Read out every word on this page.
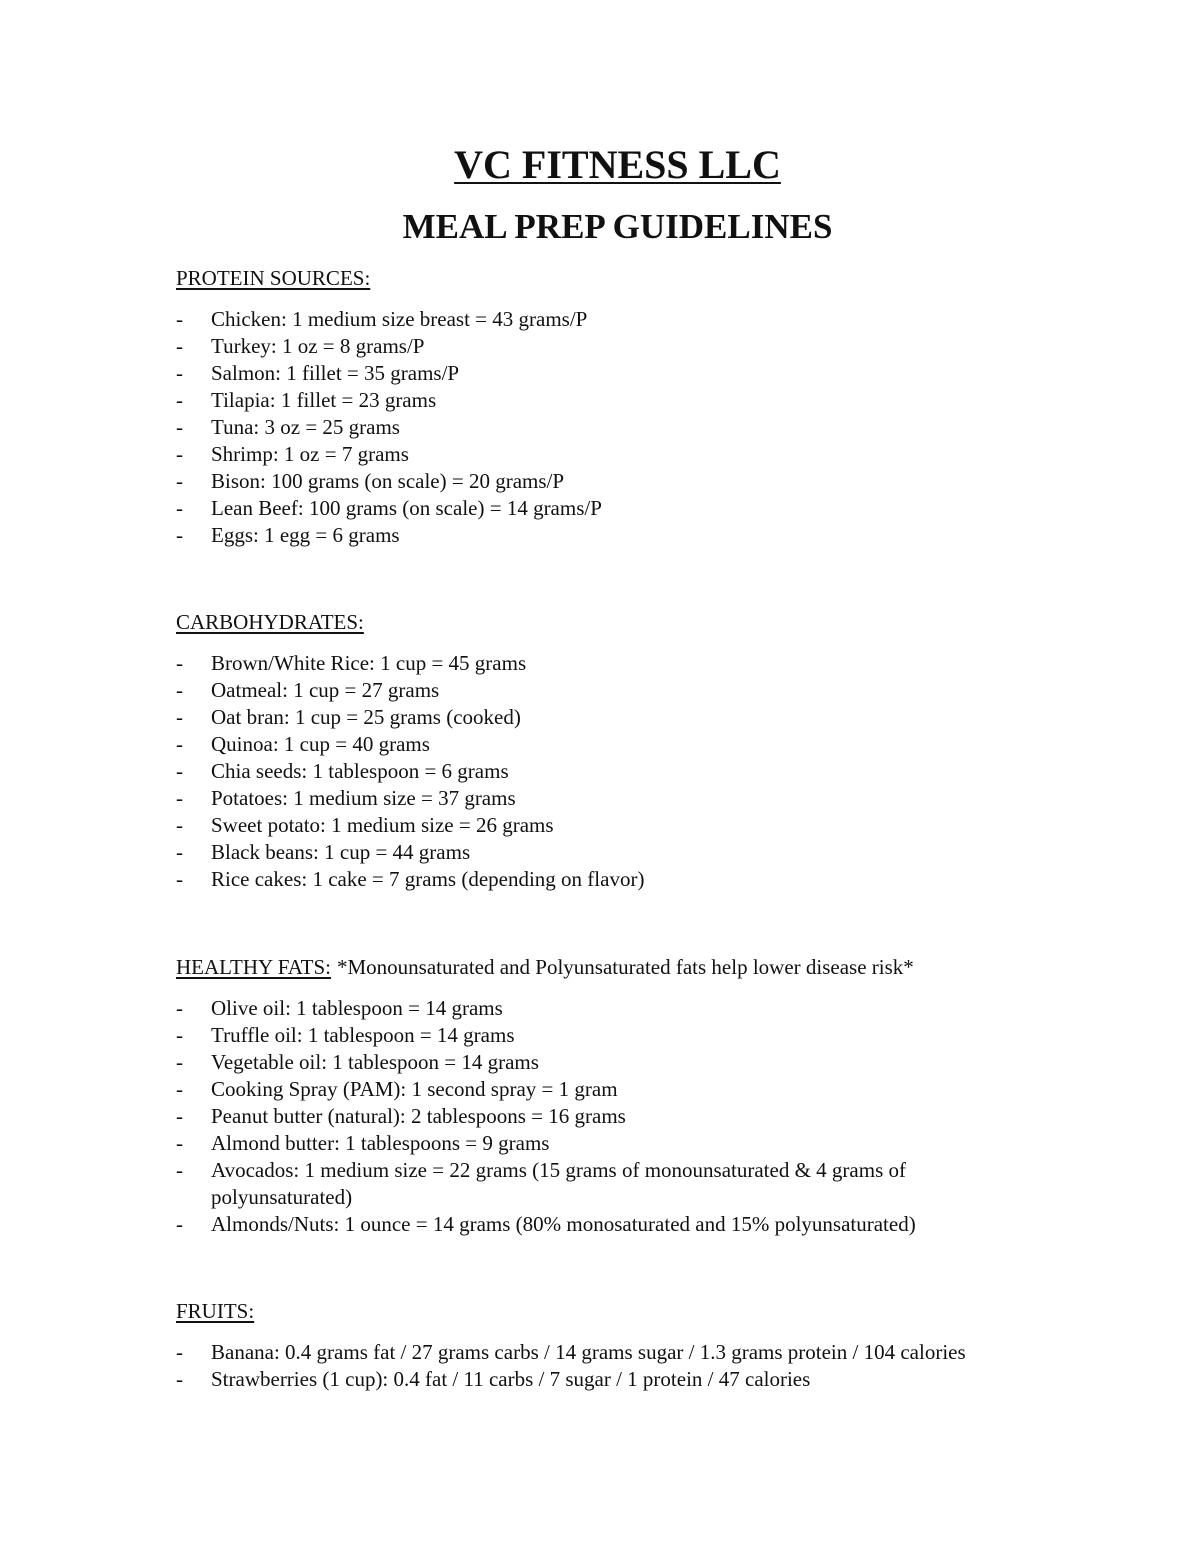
VC FITNESS LLC
MEAL PREP GUIDELINES

PROTEIN SOURCES:

- Chicken: 1 medium size breast = 43 grams/P
- Turkey: 1 oz = 8 grams/P
- Salmon: 1 fillet = 35 grams/P
- Tilapia: 1 fillet = 23 grams
- Tuna: 3 oz = 25 grams
- Shrimp: 1 oz = 7 grams
- Bison: 100 grams (on scale) = 20 grams/P
- Lean Beef: 100 grams (on scale) = 14 grams/P
- Eggs: 1 egg = 6 grams

CARBOHYDRATES:

- Brown/White Rice: 1 cup = 45 grams
- Oatmeal: 1 cup = 27 grams
- Oat bran: 1 cup = 25 grams (cooked)
- Quinoa: 1 cup = 40 grams
- Chia seeds: 1 tablespoon = 6 grams
- Potatoes: 1 medium size = 37 grams
- Sweet potato: 1 medium size = 26 grams
- Black beans: 1 cup = 44 grams
- Rice cakes: 1 cake = 7 grams (depending on flavor)

HEALTHY FATS: *Monounsaturated and Polyunsaturated fats help lower disease risk*

- Olive oil: 1 tablespoon = 14 grams
- Truffle oil: 1 tablespoon = 14 grams
- Vegetable oil: 1 tablespoon = 14 grams
- Cooking Spray (PAM): 1 second spray = 1 gram
- Peanut butter (natural): 2 tablespoons = 16 grams
- Almond butter: 1 tablespoons = 9 grams
- Avocados: 1 medium size = 22 grams (15 grams of monounsaturated & 4 grams of polyunsaturated)
- Almonds/Nuts: 1 ounce = 14 grams (80% monosaturated and 15% polyunsaturated)

FRUITS:

- Banana: 0.4 grams fat / 27 grams carbs / 14 grams sugar / 1.3 grams protein / 104 calories
- Strawberries (1 cup): 0.4 fat / 11 carbs / 7 sugar / 1 protein / 47 calories
